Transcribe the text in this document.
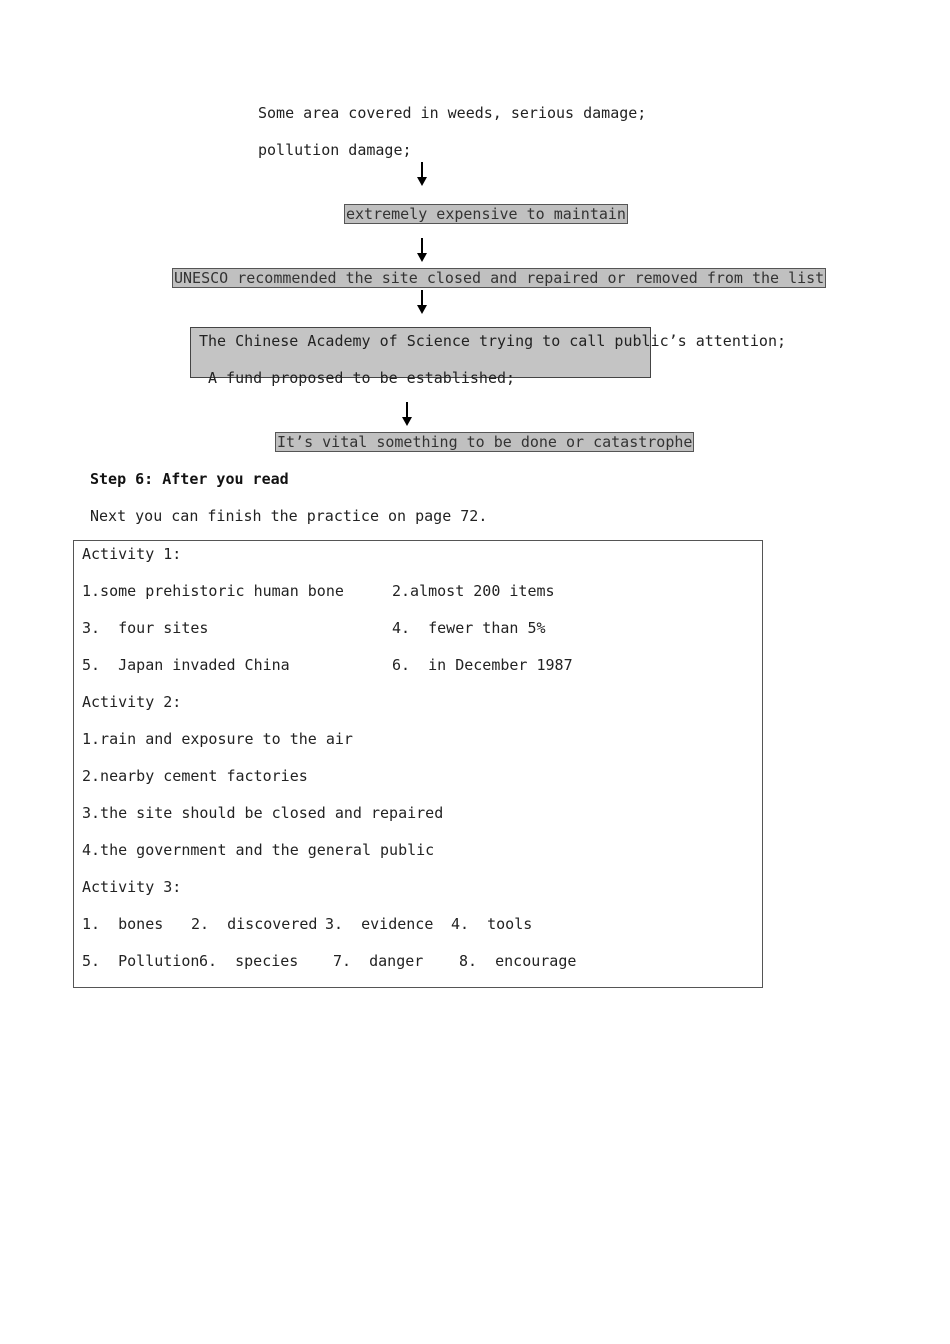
Some area covered in weeds, serious damage;
pollution damage;
extremely expensive to maintain
UNESCO recommended the site closed and repaired or removed from the list
The Chinese Academy of Science trying to call public’s attention;
A fund proposed to be established;
It’s vital something to be done or catastrophe
Step 6: After you read
Next you can finish the practice on page 72.
Activity 1:
1.some prehistoric human bone	2.almost 200 items
3.  four sites	4.  fewer than 5%
5.  Japan invaded China	6.  in December 1987
Activity 2:
1.rain and exposure to the air
2.nearby cement factories
3.the site should be closed and repaired
4.the government and the general public
Activity 3:
1.  bones 2.  discovered 3.  evidence 4.  tools
5.  Pollution 6.  species 7.  danger 8.  encourage
